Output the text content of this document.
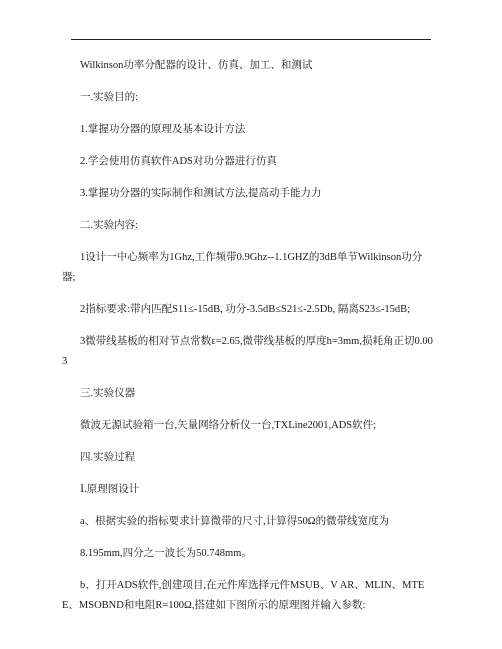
Wilkinson功率分配器的设计、仿真、加工、和测试

一.实验目的:

1.掌握功分器的原理及基本设计方法

2.学会使用仿真软件ADS对功分器进行仿真

3.掌握功分器的实际制作和测试方法,提高动手能力力

二.实验内容:

1设计一中心频率为1Ghz,工作频带0.9Ghz--1.1GHZ的3dB单节Wilkinson功分器;

2指标要求:带内匹配S11≤-15dB, 功分-3.5dB≤S21≤-2.5Db, 隔离S23≤-15dB;

3微带线基板的相对节点常数ε=2.65,微带线基板的厚度h=3mm,损耗角正切0.003

三.实验仪器

微波无源试验箱一台,矢量网络分析仪一台,TXLine2001,ADS软件;

四.实验过程

Ⅰ.原理图设计

a、根据实验的指标要求计算微带的尺寸,计算得50Ω的微带线宽度为

8.195mm,四分之一波长为50.748mm。

b、打开ADS软件,创建项目,在元件库选择元件MSUB、V AR、MLIN、MTEE、MSOBND和电阻R=100Ω,搭建如下图所示的原理图并输入参数:
